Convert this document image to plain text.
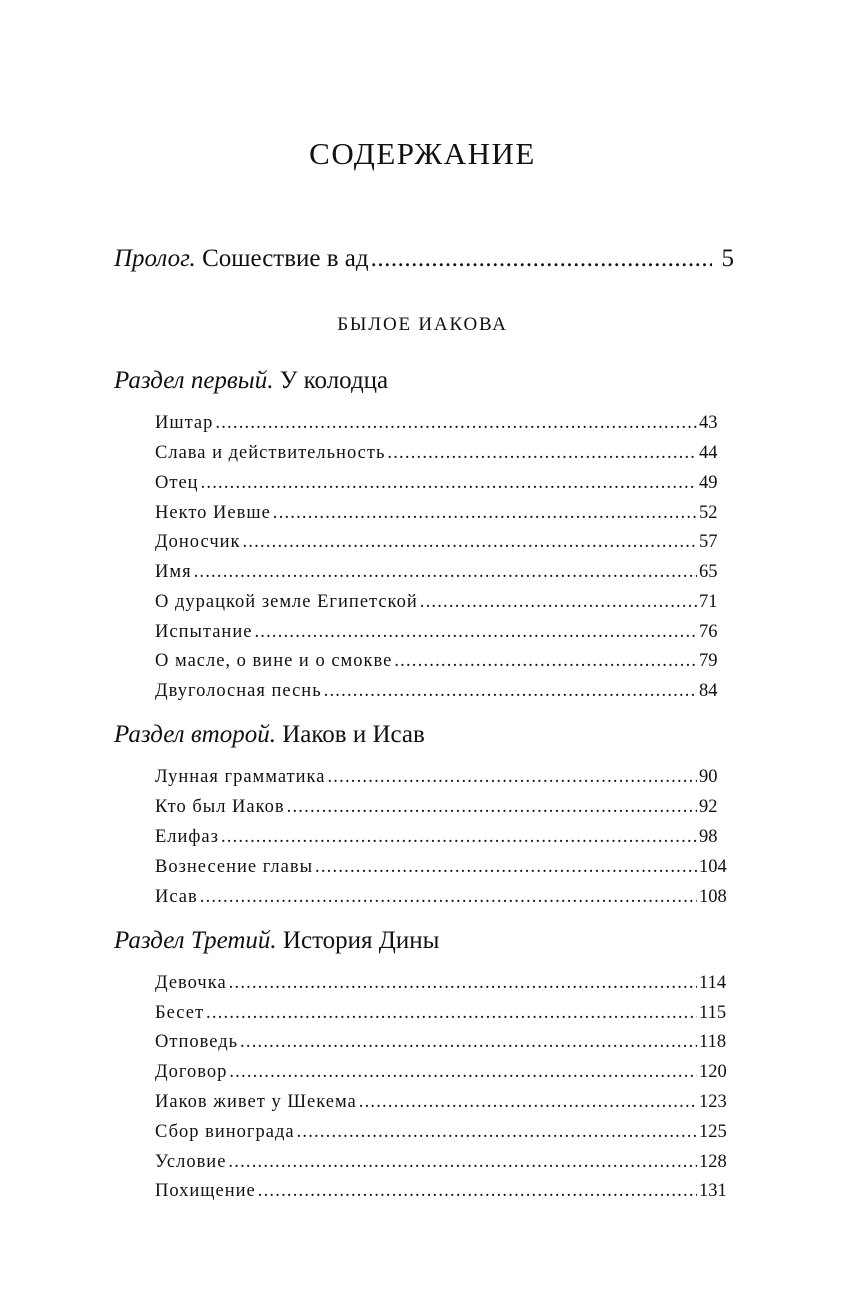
СОДЕРЖАНИЕ
Пролог.
Сошествие в ад .....	5
БЫЛОЕ ИАКОВА
Раздел первый. У колодца
Иштар .....	43
Слава и действительность .....	44
Отец .....	49
Некто Иевше .....	52
Доносчик .....	57
Имя .....	65
О дурацкой земле Египетской .....	71
Испытание .....	76
О масле, о вине и о смокве .....	79
Двуголосная песнь .....	84
Раздел второй. Иаков и Исав
Лунная грамматика .....	90
Кто был Иаков .....	92
Елифаз .....	98
Вознесение главы .....	104
Исав .....	108
Раздел Третий. История Дины
Девочка .....	114
Бесет .....	115
Отповедь .....	118
Договор .....	120
Иаков живет у Шекема .....	123
Сбор винограда .....	125
Условие .....	128
Похищение .....	131
